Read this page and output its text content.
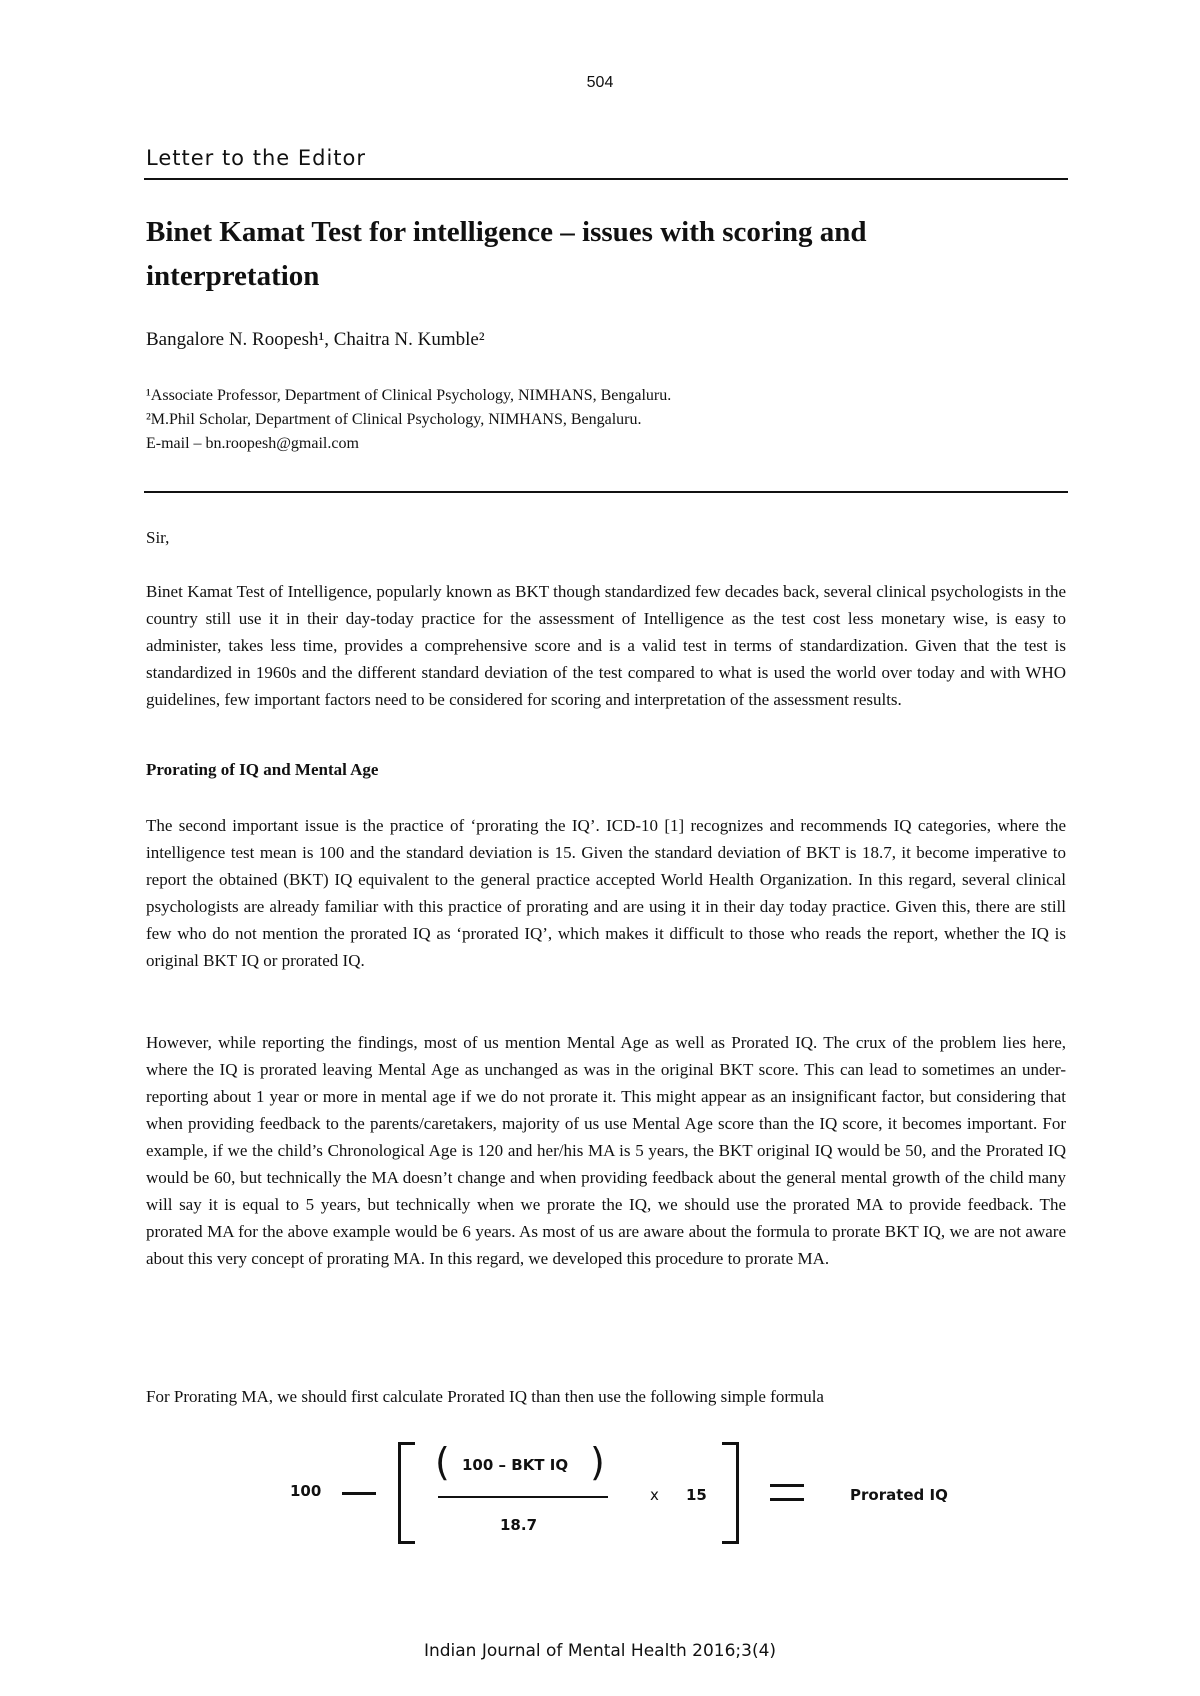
504
Letter to the Editor
Binet Kamat Test for intelligence – issues with scoring and interpretation
Bangalore N. Roopesh¹, Chaitra N. Kumble²
¹Associate Professor, Department of Clinical Psychology, NIMHANS, Bengaluru.
²M.Phil Scholar, Department of Clinical Psychology, NIMHANS, Bengaluru.
E-mail – bn.roopesh@gmail.com
Sir,

Binet Kamat Test of Intelligence, popularly known as BKT though standardized few decades back, several clinical psychologists in the country still use it in their day-today practice for the assessment of Intelligence as the test cost less monetary wise, is easy to administer, takes less time, provides a comprehensive score and is a valid test in terms of standardization. Given that the test is standardized in 1960s and the different standard deviation of the test compared to what is used the world over today and with WHO guidelines, few important factors need to be considered for scoring and interpretation of the assessment results.

Prorating of IQ and Mental Age

The second important issue is the practice of ‘prorating the IQ’. ICD-10 [1] recognizes and recommends IQ categories, where the intelligence test mean is 100 and the standard deviation is 15. Given the standard deviation of BKT is 18.7, it become imperative to report the obtained (BKT) IQ equivalent to the general practice accepted World Health Organization. In this regard, several clinical psychologists are already familiar with this practice of prorating and are using it in their day today practice. Given this, there are still few who do not mention the prorated IQ as ‘prorated IQ’, which makes it difficult to those who reads the report, whether the IQ is original BKT IQ or prorated IQ.

However, while reporting the findings, most of us mention Mental Age as well as Prorated IQ. The crux of the problem lies here, where the IQ is prorated leaving Mental Age as unchanged as was in the original BKT score. This can lead to sometimes an under-reporting about 1 year or more in mental age if we do not prorate it. This might appear as an insignificant factor, but considering that when providing feedback to the parents/caretakers, majority of us use Mental Age score than the IQ score, it becomes important. For example, if we the child’s Chronological Age is 120 and her/his MA is 5 years, the BKT original IQ would be 50, and the Prorated IQ would be 60, but technically the MA doesn’t change and when providing feedback about the general mental growth of the child many will say it is equal to 5 years, but technically when we prorate the IQ, we should use the prorated MA to provide feedback. The prorated MA for the above example would be 6 years. As most of us are aware about the formula to prorate BKT IQ, we are not aware about this very concept of prorating MA. In this regard, we developed this procedure to prorate MA.

For Prorating MA, we should first calculate Prorated IQ than then use the following simple formula

100
( 100 – BKT IQ )
18.7
x 15	Prorated IQ
Indian Journal of Mental Health 2016;3(4)
